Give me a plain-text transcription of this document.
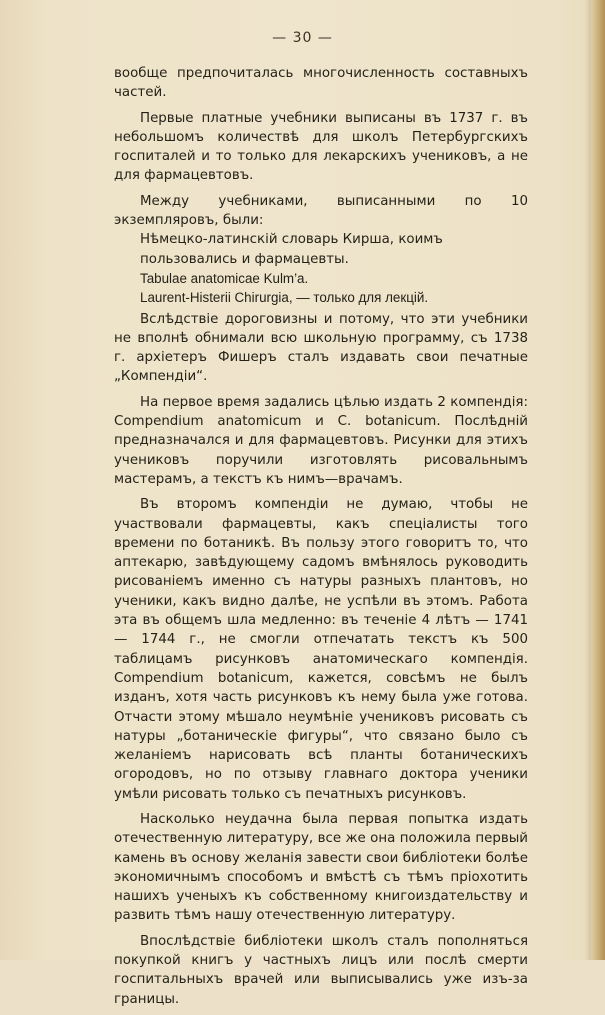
— 30 —

вообще предпочиталась многочисленность составныхъ частей.

Первые платные учебники выписаны въ 1737 г. въ небольшомъ количествѣ для школъ Петербургскихъ госпиталей и то только для лекарскихъ учениковъ, а не для фармацевтовъ.

Между учебниками, выписанными по 10 экземпляровъ, были:

Нѣмецко-латинскій словарь Кирша, коимъ пользовались и фармацевты.

Tabulae anatomicae Kulm’a.

Laurent-Histerii Chirurgia, — только для лекцій.

Вслѣдствіе дороговизны и потому, что эти учебники не вполнѣ обнимали всю школьную программу, съ 1738 г. архіетеръ Фишеръ сталъ издавать свои печатные „Компендіи“.

На первое время задались цѣлью издать 2 компендія: Compendium anatomicum и C. botanicum. Послѣдній предназначался и для фармацевтовъ. Рисунки для этихъ учениковъ поручили изготовлять рисовальнымъ мастерамъ, а текстъ къ нимъ—врачамъ.

Въ второмъ компендіи не думаю, чтобы не участвовали фармацевты, какъ спеціалисты того времени по ботаникѣ. Въ пользу этого говоритъ то, что аптекарю, завѣдующему садомъ вмѣнялось руководить рисованіемъ именно съ натуры разныхъ плантовъ, но ученики, какъ видно далѣе, не успѣли въ этомъ. Работа эта въ общемъ шла медленно: въ теченіе 4 лѣтъ — 1741 — 1744 г., не смогли отпечатать текстъ къ 500 таблицамъ рисунковъ анатомическаго компендія. Compendium botanicum, кажется, совсѣмъ не былъ изданъ, хотя часть рисунковъ къ нему была уже готова. Отчасти этому мѣшало неумѣніе учениковъ рисовать съ натуры „ботаническіе фигуры“, что связано было съ желаніемъ нарисовать всѣ планты ботаническихъ огородовъ, но по отзыву главнаго доктора ученики умѣли рисовать только съ печатныхъ рисунковъ.

Насколько неудачна была первая попытка издать отечественную литературу, все же она положила первый камень въ основу желанія завести свои библіотеки болѣе экономичнымъ способомъ и вмѣстѣ съ тѣмъ пріохотить нашихъ ученыхъ къ собственному книгоиздательству и развить тѣмъ нашу отечественную литературу.

Впослѣдствіе библіотеки школъ сталъ пополняться покупкой книгъ у частныхъ лицъ или послѣ смерти госпитальныхъ врачей или выписывались уже изъ-за границы.
